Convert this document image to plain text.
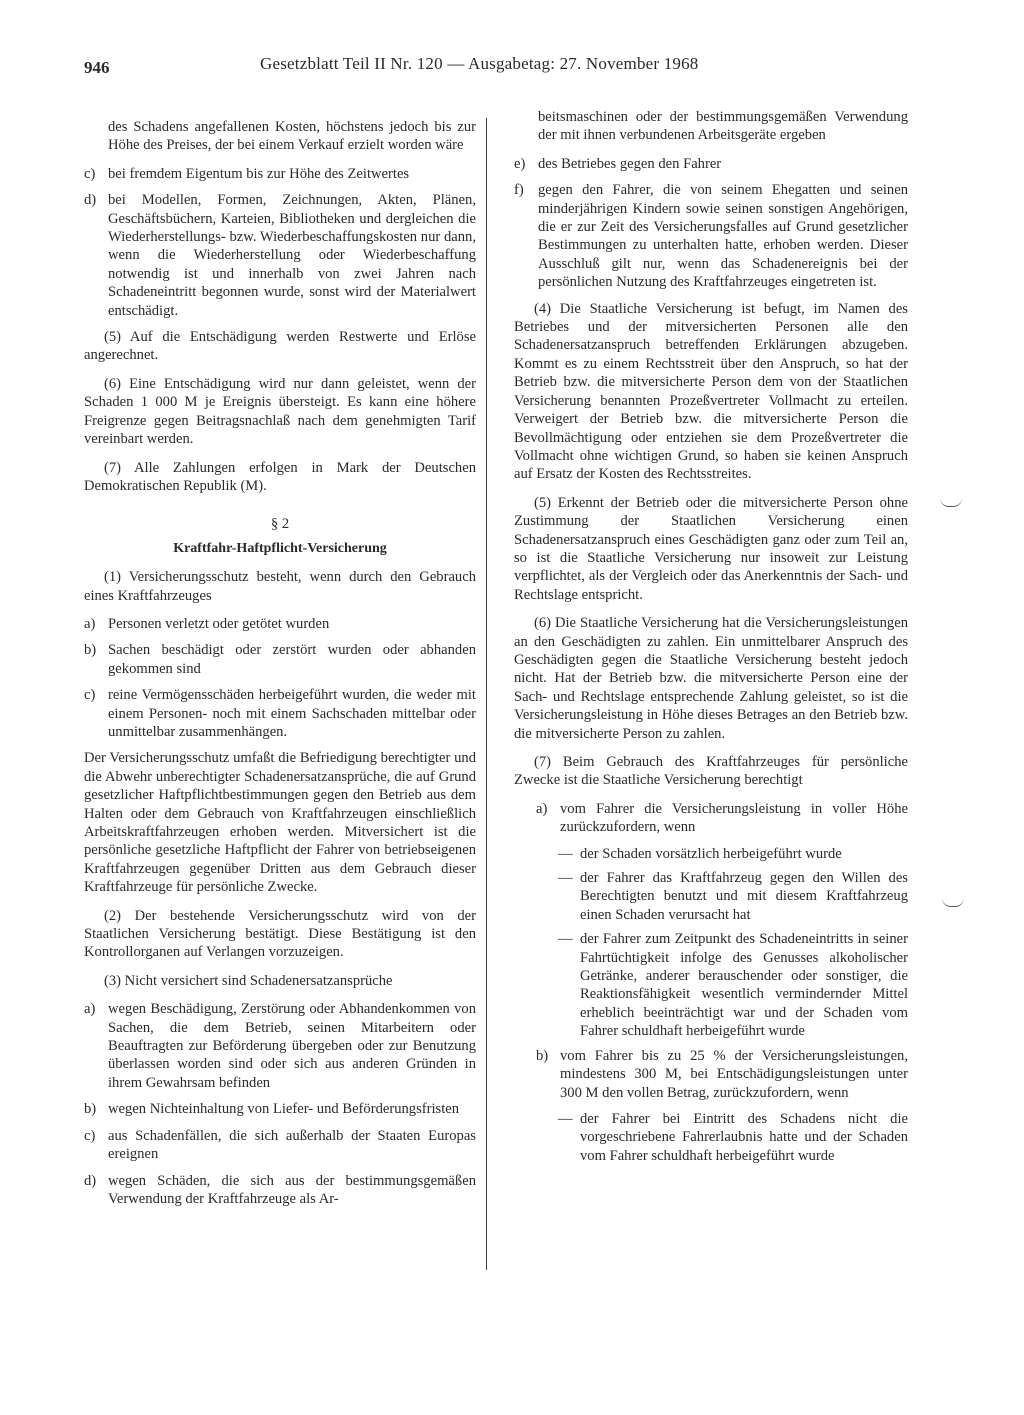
946	Gesetzblatt Teil II Nr. 120 — Ausgabetag: 27. November 1968

des Schadens angefallenen Kosten, höchstens jedoch bis zur Höhe des Preises, der bei einem Verkauf erzielt worden wäre

c) bei fremdem Eigentum bis zur Höhe des Zeitwertes
d) bei Modellen, Formen, Zeichnungen, Akten, Plänen, Geschäftsbüchern, Karteien, Bibliotheken und dergleichen die Wiederherstellungs- bzw. Wiederbeschaffungskosten nur dann, wenn die Wiederherstellung oder Wiederbeschaffung notwendig ist und innerhalb von zwei Jahren nach Schadeneintritt begonnen wurde, sonst wird der Materialwert entschädigt.

(5) Auf die Entschädigung werden Restwerte und Erlöse angerechnet.

(6) Eine Entschädigung wird nur dann geleistet, wenn der Schaden 1 000 M je Ereignis übersteigt. Es kann eine höhere Freigrenze gegen Beitragsnachlaß nach dem genehmigten Tarif vereinbart werden.

(7) Alle Zahlungen erfolgen in Mark der Deutschen Demokratischen Republik (M).

§ 2
Kraftfahr-Haftpflicht-Versicherung

(1) Versicherungsschutz besteht, wenn durch den Gebrauch eines Kraftfahrzeuges

a) Personen verletzt oder getötet wurden
b) Sachen beschädigt oder zerstört wurden oder abhanden gekommen sind
c) reine Vermögensschäden herbeigeführt wurden, die weder mit einem Personen- noch mit einem Sachschaden mittelbar oder unmittelbar zusammenhängen.

Der Versicherungsschutz umfaßt die Befriedigung berechtigter und die Abwehr unberechtigter Schadenersatzansprüche, die auf Grund gesetzlicher Haftpflichtbestimmungen gegen den Betrieb aus dem Halten oder dem Gebrauch von Kraftfahrzeugen einschließlich Arbeitskraftfahrzeugen erhoben werden. Mitversichert ist die persönliche gesetzliche Haftpflicht der Fahrer von betriebseigenen Kraftfahrzeugen gegenüber Dritten aus dem Gebrauch dieser Kraftfahrzeuge für persönliche Zwecke.

(2) Der bestehende Versicherungsschutz wird von der Staatlichen Versicherung bestätigt. Diese Bestätigung ist den Kontrollorganen auf Verlangen vorzuzeigen.

(3) Nicht versichert sind Schadenersatzansprüche

a) wegen Beschädigung, Zerstörung oder Abhandenkommen von Sachen, die dem Betrieb, seinen Mitarbeitern oder Beauftragten zur Beförderung übergeben oder zur Benutzung überlassen worden sind oder sich aus anderen Gründen in ihrem Gewahrsam befinden
b) wegen Nichteinhaltung von Liefer- und Beförderungsfristen
c) aus Schadenfällen, die sich außerhalb der Staaten Europas ereignen
d) wegen Schäden, die sich aus der bestimmungsgemäßen Verwendung der Kraftfahrzeuge als Ar-

beitsmaschinen oder der bestimmungsgemäßen Verwendung der mit ihnen verbundenen Arbeitsgeräte ergeben

e) des Betriebes gegen den Fahrer
f) gegen den Fahrer, die von seinem Ehegatten und seinen minderjährigen Kindern sowie seinen sonstigen Angehörigen, die er zur Zeit des Versicherungsfalles auf Grund gesetzlicher Bestimmungen zu unterhalten hatte, erhoben werden. Dieser Ausschluß gilt nur, wenn das Schadenereignis bei der persönlichen Nutzung des Kraftfahrzeuges eingetreten ist.

(4) Die Staatliche Versicherung ist befugt, im Namen des Betriebes und der mitversicherten Personen alle den Schadenersatzanspruch betreffenden Erklärungen abzugeben. Kommt es zu einem Rechtsstreit über den Anspruch, so hat der Betrieb bzw. die mitversicherte Person dem von der Staatlichen Versicherung benannten Prozeßvertreter Vollmacht zu erteilen. Verweigert der Betrieb bzw. die mitversicherte Person die Bevollmächtigung oder entziehen sie dem Prozeßvertreter die Vollmacht ohne wichtigen Grund, so haben sie keinen Anspruch auf Ersatz der Kosten des Rechtsstreites.

(5) Erkennt der Betrieb oder die mitversicherte Person ohne Zustimmung der Staatlichen Versicherung einen Schadenersatzanspruch eines Geschädigten ganz oder zum Teil an, so ist die Staatliche Versicherung nur insoweit zur Leistung verpflichtet, als der Vergleich oder das Anerkenntnis der Sach- und Rechtslage entspricht.

(6) Die Staatliche Versicherung hat die Versicherungsleistungen an den Geschädigten zu zahlen. Ein unmittelbarer Anspruch des Geschädigten gegen die Staatliche Versicherung besteht jedoch nicht. Hat der Betrieb bzw. die mitversicherte Person eine der Sach- und Rechtslage entsprechende Zahlung geleistet, so ist die Versicherungsleistung in Höhe dieses Betrages an den Betrieb bzw. die mitversicherte Person zu zahlen.

(7) Beim Gebrauch des Kraftfahrzeuges für persönliche Zwecke ist die Staatliche Versicherung berechtigt

a) vom Fahrer die Versicherungsleistung in voller Höhe zurückzufordern, wenn
— der Schaden vorsätzlich herbeigeführt wurde
— der Fahrer das Kraftfahrzeug gegen den Willen des Berechtigten benutzt und mit diesem Kraftfahrzeug einen Schaden verursacht hat
— der Fahrer zum Zeitpunkt des Schadeneintritts in seiner Fahrtüchtigkeit infolge des Genusses alkoholischer Getränke, anderer berauschender oder sonstiger, die Reaktionsfähigkeit wesentlich vermindernder Mittel erheblich beeinträchtigt war und der Schaden vom Fahrer schuldhaft herbeigeführt wurde
b) vom Fahrer bis zu 25 % der Versicherungsleistungen, mindestens 300 M, bei Entschädigungsleistungen unter 300 M den vollen Betrag, zurückzufordern, wenn
— der Fahrer bei Eintritt des Schadens nicht die vorgeschriebene Fahrerlaubnis hatte und der Schaden vom Fahrer schuldhaft herbeigeführt wurde
